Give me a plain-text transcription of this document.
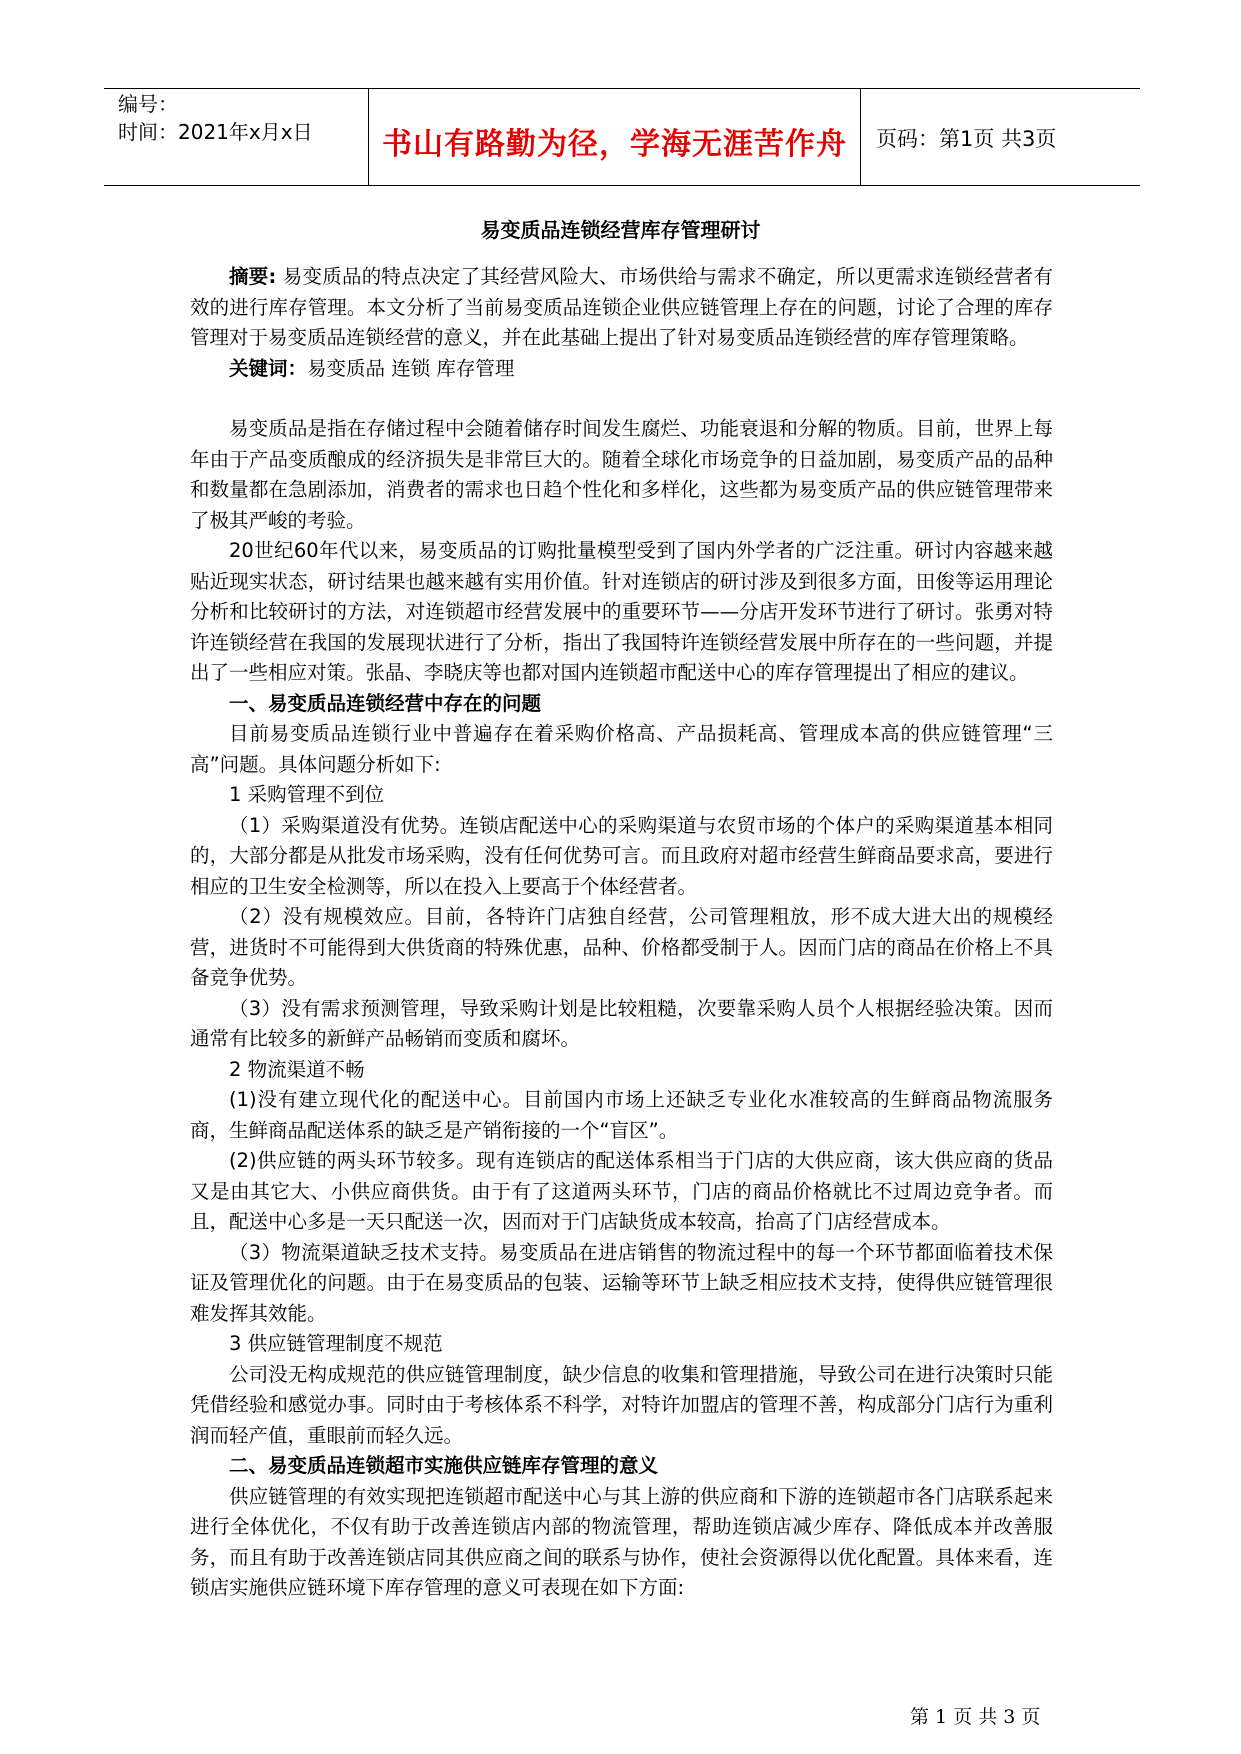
编号：
时间：2021年x月x日	书山有路勤为径，学海无涯苦作舟	页码：第1页 共3页
易变质品连锁经营库存管理研讨

摘要: 易变质品的特点决定了其经营风险大、市场供给与需求不确定，所以更需求连锁经营者有效的进行库存管理。本文分析了当前易变质品连锁企业供应链管理上存在的问题，讨论了合理的库存管理对于易变质品连锁经营的意义，并在此基础上提出了针对易变质品连锁经营的库存管理策略。

关键词：易变质品 连锁 库存管理

易变质品是指在存储过程中会随着储存时间发生腐烂、功能衰退和分解的物质。目前，世界上每年由于产品变质酿成的经济损失是非常巨大的。随着全球化市场竞争的日益加剧，易变质产品的品种和数量都在急剧添加，消费者的需求也日趋个性化和多样化，这些都为易变质产品的供应链管理带来了极其严峻的考验。

20世纪60年代以来，易变质品的订购批量模型受到了国内外学者的广泛注重。研讨内容越来越贴近现实状态，研讨结果也越来越有实用价值。针对连锁店的研讨涉及到很多方面，田俊等运用理论分析和比较研讨的方法，对连锁超市经营发展中的重要环节——分店开发环节进行了研讨。张勇对特许连锁经营在我国的发展现状进行了分析，指出了我国特许连锁经营发展中所存在的一些问题，并提出了一些相应对策。张晶、李晓庆等也都对国内连锁超市配送中心的库存管理提出了相应的建议。

一、易变质品连锁经营中存在的问题

目前易变质品连锁行业中普遍存在着采购价格高、产品损耗高、管理成本高的供应链管理“三高”问题。具体问题分析如下:

1 采购管理不到位

（1）采购渠道没有优势。连锁店配送中心的采购渠道与农贸市场的个体户的采购渠道基本相同的，大部分都是从批发市场采购，没有任何优势可言。而且政府对超市经营生鲜商品要求高，要进行相应的卫生安全检测等，所以在投入上要高于个体经营者。

（2）没有规模效应。目前，各特许门店独自经营，公司管理粗放，形不成大进大出的规模经营，进货时不可能得到大供货商的特殊优惠，品种、价格都受制于人。因而门店的商品在价格上不具备竞争优势。

（3）没有需求预测管理，导致采购计划是比较粗糙，次要靠采购人员个人根据经验决策。因而通常有比较多的新鲜产品畅销而变质和腐坏。

2 物流渠道不畅

(1)没有建立现代化的配送中心。目前国内市场上还缺乏专业化水准较高的生鲜商品物流服务商，生鲜商品配送体系的缺乏是产销衔接的一个“盲区”。

(2)供应链的两头环节较多。现有连锁店的配送体系相当于门店的大供应商，该大供应商的货品又是由其它大、小供应商供货。由于有了这道两头环节，门店的商品价格就比不过周边竞争者。而且，配送中心多是一天只配送一次，因而对于门店缺货成本较高，抬高了门店经营成本。

（3）物流渠道缺乏技术支持。易变质品在进店销售的物流过程中的每一个环节都面临着技术保证及管理优化的问题。由于在易变质品的包装、运输等环节上缺乏相应技术支持，使得供应链管理很难发挥其效能。

3 供应链管理制度不规范

公司没无构成规范的供应链管理制度，缺少信息的收集和管理措施，导致公司在进行决策时只能凭借经验和感觉办事。同时由于考核体系不科学，对特许加盟店的管理不善，构成部分门店行为重利润而轻产值，重眼前而轻久远。

二、易变质品连锁超市实施供应链库存管理的意义

供应链管理的有效实现把连锁超市配送中心与其上游的供应商和下游的连锁超市各门店联系起来进行全体优化，不仅有助于改善连锁店内部的物流管理，帮助连锁店减少库存、降低成本并改善服务，而且有助于改善连锁店同其供应商之间的联系与协作，使社会资源得以优化配置。具体来看，连锁店实施供应链环境下库存管理的意义可表现在如下方面:

第 1 页 共 3 页
